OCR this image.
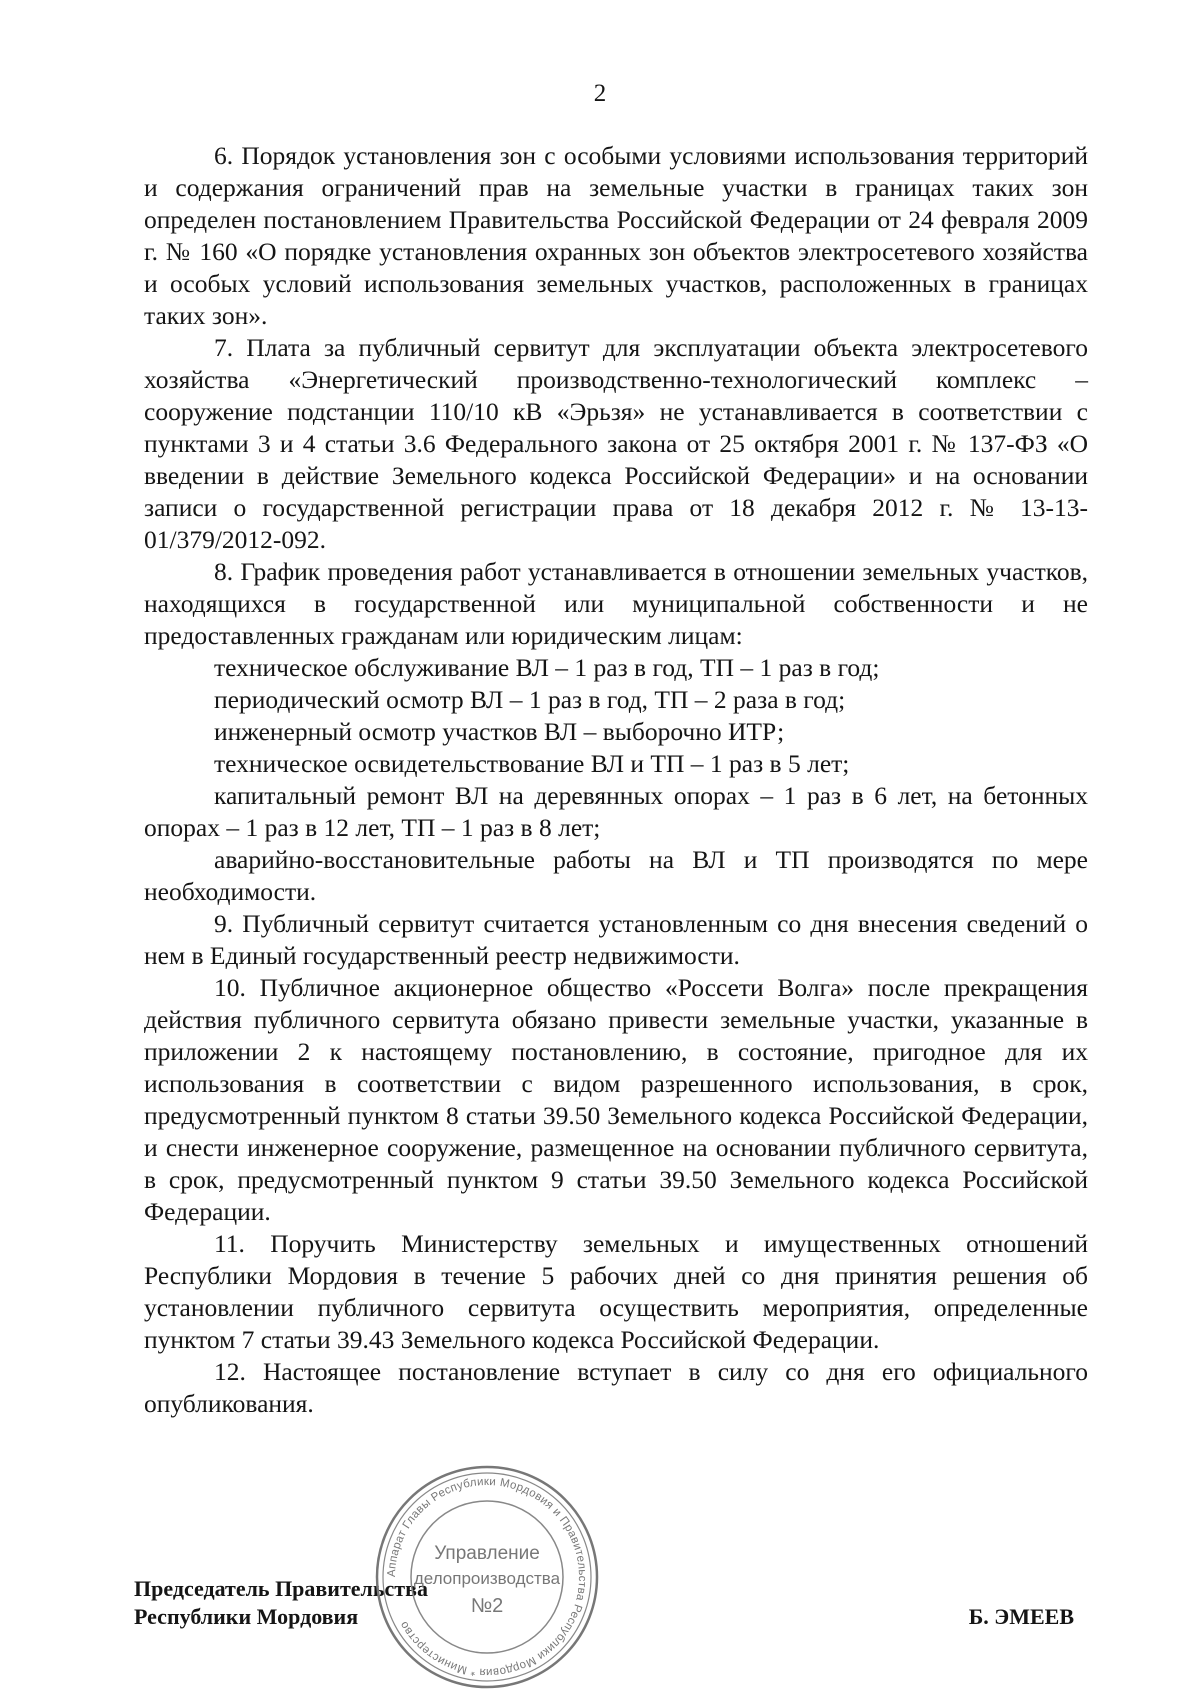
2

6. Порядок установления зон с особыми условиями использования территорий и содержания ограничений прав на земельные участки в границах таких зон определен постановлением Правительства Российской Федерации от 24 февраля 2009 г. № 160 «О порядке установления охранных зон объектов электросетевого хозяйства и особых условий использования земельных участков, расположенных в границах таких зон».

7. Плата за публичный сервитут для эксплуатации объекта электросетевого хозяйства «Энергетический производственно-технологический комплекс – сооружение подстанции 110/10 кВ «Эрьзя» не устанавливается в соответствии с пунктами 3 и 4 статьи 3.6 Федерального закона от 25 октября 2001 г. № 137-ФЗ «О введении в действие Земельного кодекса Российской Федерации» и на основании записи о государственной регистрации права от 18 декабря 2012 г. № 13-13-01/379/2012-092.

8. График проведения работ устанавливается в отношении земельных участков, находящихся в государственной или муниципальной собственности и не предоставленных гражданам или юридическим лицам:

техническое обслуживание ВЛ – 1 раз в год, ТП – 1 раз в год;

периодический осмотр ВЛ – 1 раз в год, ТП – 2 раза в год;

инженерный осмотр участков ВЛ – выборочно ИТР;

техническое освидетельствование ВЛ и ТП – 1 раз в 5 лет;

капитальный ремонт ВЛ на деревянных опорах – 1 раз в 6 лет, на бетонных опорах – 1 раз в 12 лет, ТП – 1 раз в 8 лет;

аварийно-восстановительные работы на ВЛ и ТП производятся по мере необходимости.

9. Публичный сервитут считается установленным со дня внесения сведений о нем в Единый государственный реестр недвижимости.

10. Публичное акционерное общество «Россети Волга» после прекращения действия публичного сервитута обязано привести земельные участки, указанные в приложении 2 к настоящему постановлению, в состояние, пригодное для их использования в соответствии с видом разрешенного использования, в срок, предусмотренный пунктом 8 статьи 39.50 Земельного кодекса Российской Федерации, и снести инженерное сооружение, размещенное на основании публичного сервитута, в срок, предусмотренный пунктом 9 статьи 39.50 Земельного кодекса Российской Федерации.

11. Поручить Министерству земельных и имущественных отношений Республики Мордовия в течение 5 рабочих дней со дня принятия решения об установлении публичного сервитута осуществить мероприятия, определенные пунктом 7 статьи 39.43 Земельного кодекса Российской Федерации.

12. Настоящее постановление вступает в силу со дня его официального опубликования.

Председатель Правительства
Республики Мордовия	Б. ЭМЕЕВ
Аппарат Главы Республики Мордовия и Правительства Республики Мордовия * Министерство
Управление
делопроизводства
№2
